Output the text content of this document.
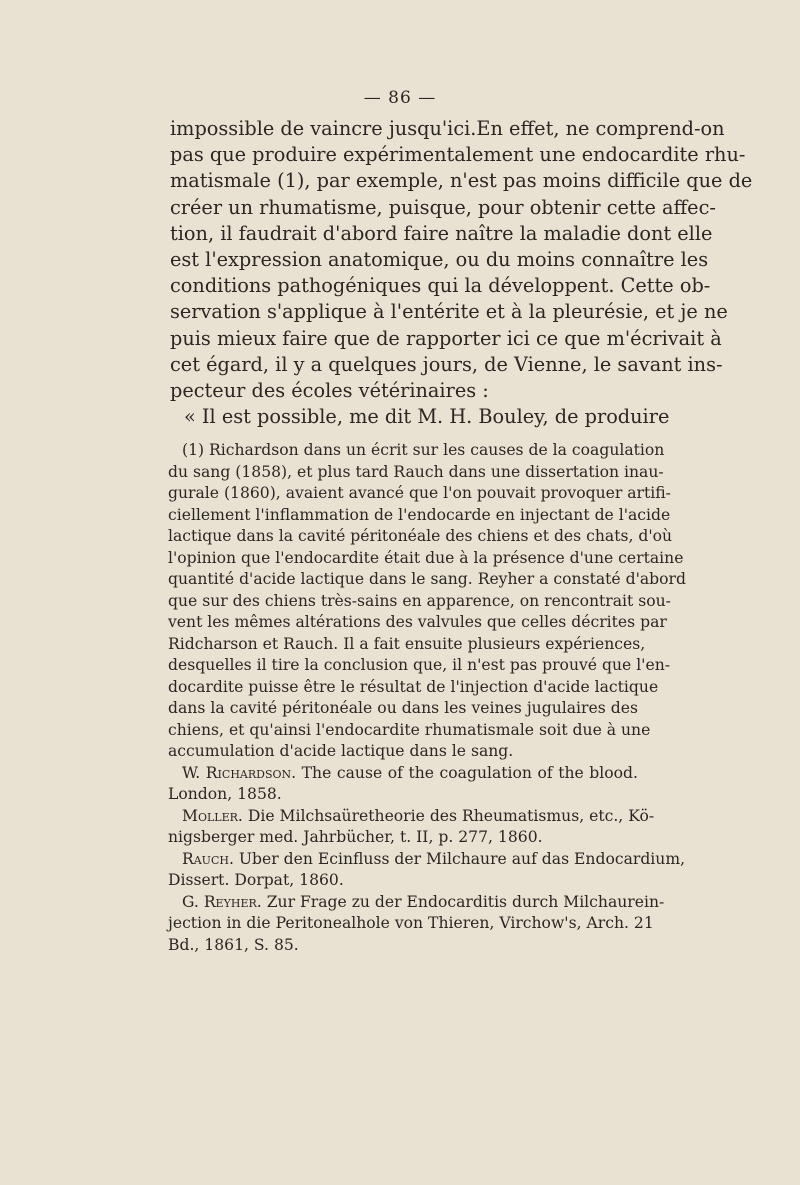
— 86 —
impossible de vaincre jusqu'ici.En effet, ne comprend-on
pas que produire expérimentalement une endocardite rhu-
matismale (1), par exemple, n'est pas moins difficile que de
créer un rhumatisme, puisque, pour obtenir cette affec-
tion, il faudrait d'abord faire naître la maladie dont elle
est l'expression anatomique, ou du moins connaître les
conditions pathogéniques qui la développent. Cette ob-
servation s'applique à l'entérite et à la pleurésie, et je ne
puis mieux faire que de rapporter ici ce que m'écrivait à
cet égard, il y a quelques jours, de Vienne, le savant ins-
pecteur des écoles vétérinaires :
« Il est possible, me dit M. H. Bouley, de produire
(1) Richardson dans un écrit sur les causes de la coagulation
du sang (1858), et plus tard Rauch dans une dissertation inau-
gurale (1860), avaient avancé que l'on pouvait provoquer artifi-
ciellement l'inflammation de l'endocarde en injectant de l'acide
lactique dans la cavité péritonéale des chiens et des chats, d'où
l'opinion que l'endocardite était due à la présence d'une certaine
quantité d'acide lactique dans le sang. Reyher a constaté d'abord
que sur des chiens très-sains en apparence, on rencontrait sou-
vent les mêmes altérations des valvules que celles décrites par
Ridcharson et Rauch. Il a fait ensuite plusieurs expériences,
desquelles il tire la conclusion que, il n'est pas prouvé que l'en-
docardite puisse être le résultat de l'injection d'acide lactique
dans la cavité péritonéale ou dans les veines jugulaires des
chiens, et qu'ainsi l'endocardite rhumatismale soit due à une
accumulation d'acide lactique dans le sang.
W. Richardson. The cause of the coagulation of the blood.
London, 1858.
Moller. Die Milchsaüretheorie des Rheumatismus, etc., Kö-
nigsberger med. Jahrbücher, t. II, p. 277, 1860.
Rauch. Uber den Ecinfluss der Milchaure auf das Endocardium,
Dissert. Dorpat, 1860.
G. Reyher. Zur Frage zu der Endocarditis durch Milchaurein-
jection in die Peritonealhole von Thieren, Virchow's, Arch. 21
Bd., 1861, S. 85.
